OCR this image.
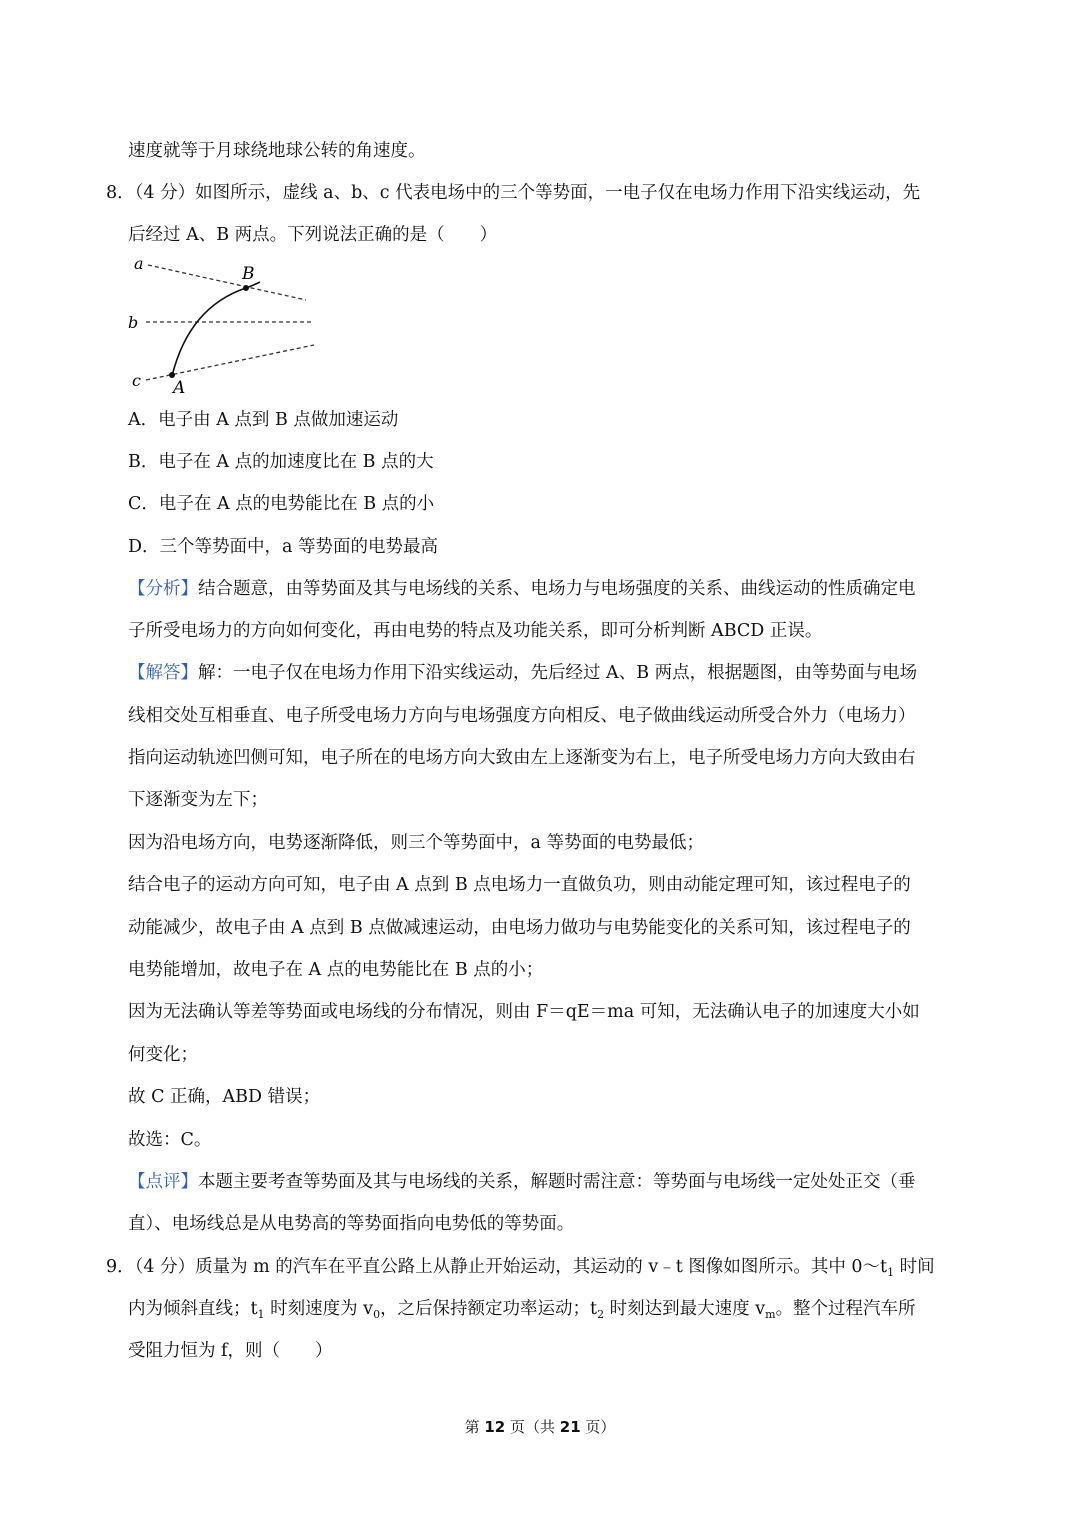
速度就等于月球绕地球公转的角速度。
8．（4 分）如图所示，虚线 a、b、c 代表电场中的三个等势面，一电子仅在电场力作用下沿实线运动，先
后经过 A、B 两点。下列说法正确的是（　　）
a
b
c A
B
A．电子由 A 点到 B 点做加速运动
B．电子在 A 点的加速度比在 B 点的大
C．电子在 A 点的电势能比在 B 点的小
D．三个等势面中，a 等势面的电势最高
【分析】结合题意，由等势面及其与电场线的关系、电场力与电场强度的关系、曲线运动的性质确定电
子所受电场力的方向如何变化，再由电势的特点及功能关系，即可分析判断 ABCD 正误。
【解答】解：一电子仅在电场力作用下沿实线运动，先后经过 A、B 两点，根据题图，由等势面与电场
线相交处互相垂直、电子所受电场力方向与电场强度方向相反、电子做曲线运动所受合外力（电场力）
指向运动轨迹凹侧可知，电子所在的电场方向大致由左上逐渐变为右上，电子所受电场力方向大致由右
下逐渐变为左下；
因为沿电场方向，电势逐渐降低，则三个等势面中，a 等势面的电势最低；
结合电子的运动方向可知，电子由 A 点到 B 点电场力一直做负功，则由动能定理可知，该过程电子的
动能减少，故电子由 A 点到 B 点做减速运动，由电场力做功与电势能变化的关系可知，该过程电子的
电势能增加，故电子在 A 点的电势能比在 B 点的小；
因为无法确认等差等势面或电场线的分布情况，则由 F＝qE＝ma 可知，无法确认电子的加速度大小如
何变化；
故 C 正确，ABD 错误；
故选：C。
【点评】本题主要考查等势面及其与电场线的关系，解题时需注意：等势面与电场线一定处处正交（垂
直）、电场线总是从电势高的等势面指向电势低的等势面。
9．（4 分）质量为 m 的汽车在平直公路上从静止开始运动，其运动的 v﹣t 图像如图所示。其中 $0\sim t_1$ 时间
内为倾斜直线；$t_1$ 时刻速度为 $v_0$，之后保持额定功率运动；$t_2$ 时刻达到最大速度 $v_m$。整个过程汽车所
受阻力恒为 f，则（　　）
第 12 页（共 21 页）
